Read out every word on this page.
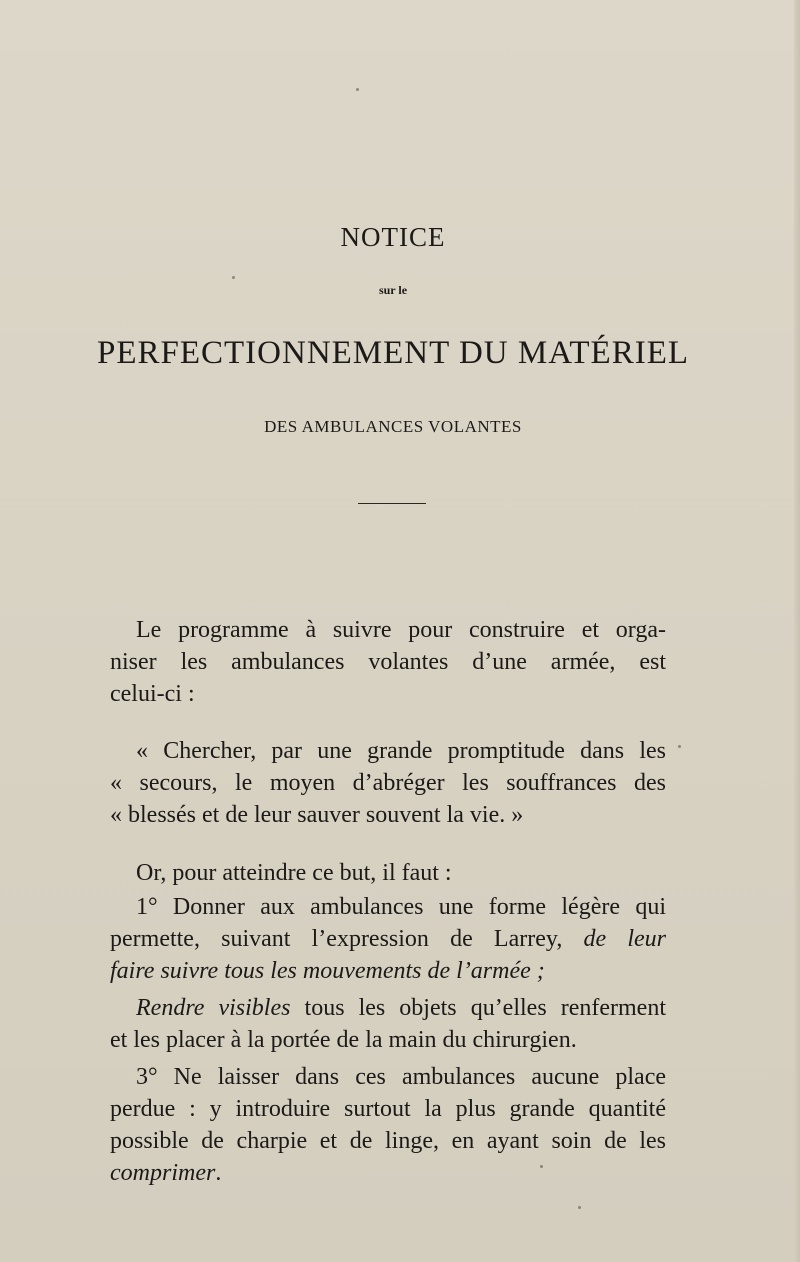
NOTICE
sur le
PERFECTIONNEMENT DU MATÉRIEL
DES AMBULANCES VOLANTES
Le programme à suivre pour construire et orga-
niser les ambulances volantes d’une armée, est
celui-ci :
« Chercher, par une grande promptitude dans les
« secours, le moyen d’abréger les souffrances des
« blessés et de leur sauver souvent la vie. »
Or, pour atteindre ce but, il faut :
1° Donner aux ambulances une forme légère qui
permette, suivant l’expression de Larrey, de leur
faire suivre tous les mouvements de l’armée ;
Rendre visibles tous les objets qu’elles renferment
et les placer à la portée de la main du chirurgien.
3° Ne laisser dans ces ambulances aucune place
perdue : y introduire surtout la plus grande quantité
possible de charpie et de linge, en ayant soin de les
comprimer.
